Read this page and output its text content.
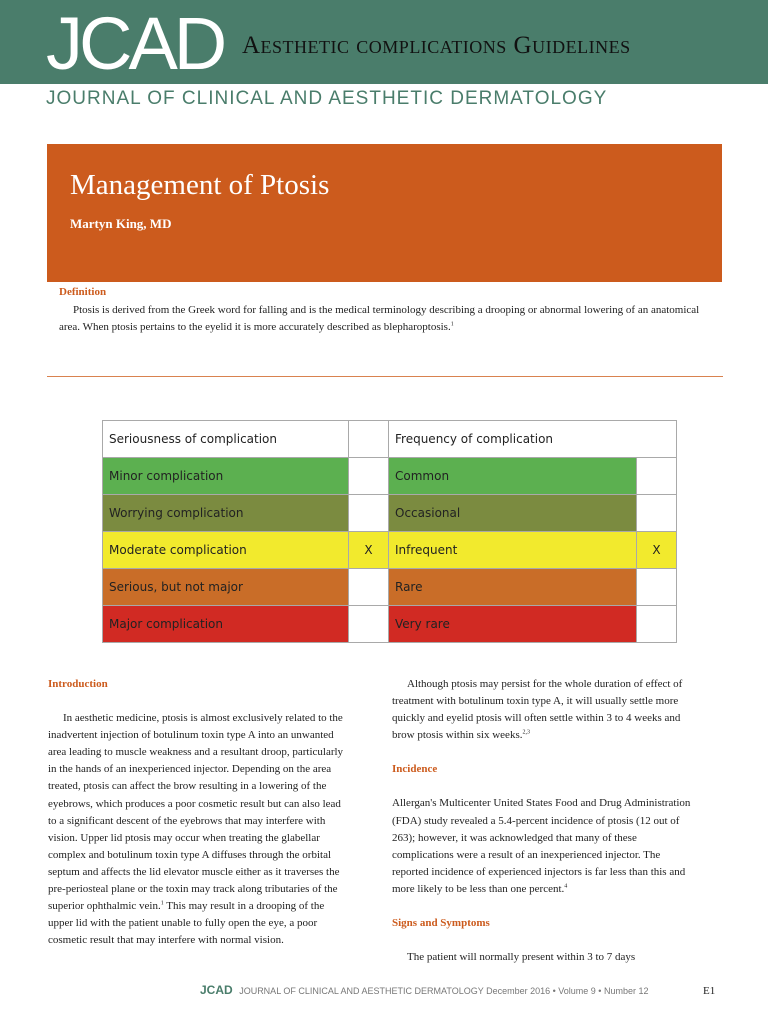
JCAD Aesthetic complications Guidelines
JOURNAL OF CLINICAL AND AESTHETIC DERMATOLOGY
Management of Ptosis
Martyn King, MD
Definition
Ptosis is derived from the Greek word for falling and is the medical terminology describing a drooping or abnormal lowering of an anatomical area. When ptosis pertains to the eyelid it is more accurately described as blepharoptosis.$^1$
Seriousness of complication		Frequency of complication	
Minor complication		Common	
Worrying complication		Occasional	
Moderate complication	X	Infrequent	X
Serious, but not major		Rare	
Major complication		Very rare	
Introduction
In aesthetic medicine, ptosis is almost exclusively related to the inadvertent injection of botulinum toxin type A into an unwanted area leading to muscle weakness and a resultant droop, particularly in the hands of an inexperienced injector. Depending on the area treated, ptosis can affect the brow resulting in a lowering of the eyebrows, which produces a poor cosmetic result but can also lead to a significant descent of the eyebrows that may interfere with vision. Upper lid ptosis may occur when treating the glabellar complex and botulinum toxin type A diffuses through the orbital septum and affects the lid elevator muscle either as it traverses the pre-periosteal plane or the toxin may track along tributaries of the superior ophthalmic vein.$^1$ This may result in a drooping of the upper lid with the patient unable to fully open the eye, a poor cosmetic result that may interfere with normal vision.
Although ptosis may persist for the whole duration of effect of treatment with botulinum toxin type A, it will usually settle more quickly and eyelid ptosis will often settle within 3 to 4 weeks and brow ptosis within six weeks.$^{2,3}$
Incidence
Allergan's Multicenter United States Food and Drug Administration (FDA) study revealed a 5.4-percent incidence of ptosis (12 out of 263); however, it was acknowledged that many of these complications were a result of an inexperienced injector. The reported incidence of experienced injectors is far less than this and more likely to be less than one percent.$^4$
Signs and Symptoms
The patient will normally present within 3 to 7 days
JCAD JOURNAL OF CLINICAL AND AESTHETIC DERMATOLOGY December 2016 • Volume 9 • Number 12	E1
